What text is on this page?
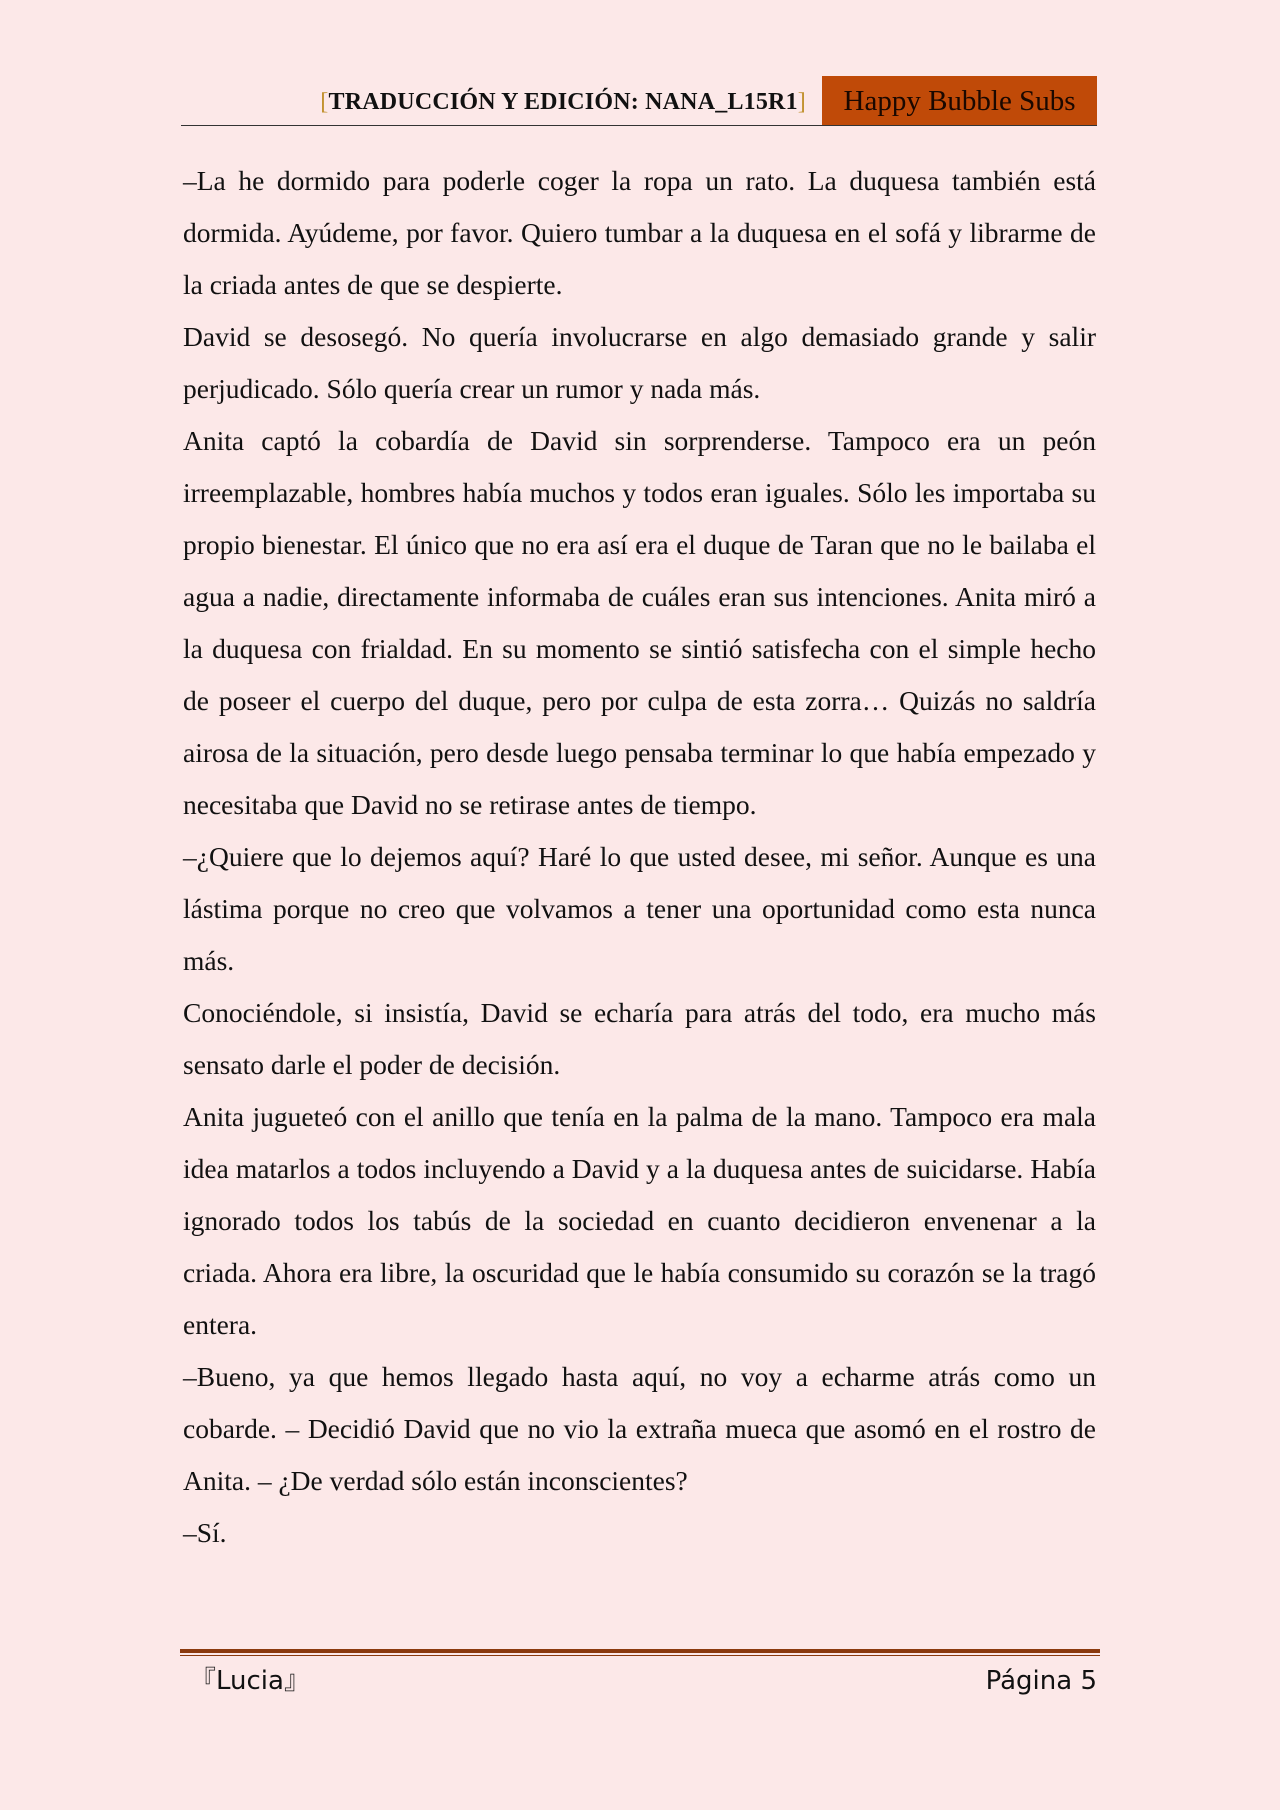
[TRADUCCIÓN Y EDICIÓN: NANA_L15R1]	Happy Bubble Subs

–La he dormido para poderle coger la ropa un rato. La duquesa también está dormida. Ayúdeme, por favor. Quiero tumbar a la duquesa en el sofá y librarme de la criada antes de que se despierte.

David se desosegó. No quería involucrarse en algo demasiado grande y salir perjudicado. Sólo quería crear un rumor y nada más.

Anita captó la cobardía de David sin sorprenderse. Tampoco era un peón irreemplazable, hombres había muchos y todos eran iguales. Sólo les importaba su propio bienestar. El único que no era así era el duque de Taran que no le bailaba el agua a nadie, directamente informaba de cuáles eran sus intenciones. Anita miró a la duquesa con frialdad. En su momento se sintió satisfecha con el simple hecho de poseer el cuerpo del duque, pero por culpa de esta zorra… Quizás no saldría airosa de la situación, pero desde luego pensaba terminar lo que había empezado y necesitaba que David no se retirase antes de tiempo.

–¿Quiere que lo dejemos aquí? Haré lo que usted desee, mi señor. Aunque es una lástima porque no creo que volvamos a tener una oportunidad como esta nunca más.

Conociéndole, si insistía, David se echaría para atrás del todo, era mucho más sensato darle el poder de decisión.

Anita jugueteó con el anillo que tenía en la palma de la mano. Tampoco era mala idea matarlos a todos incluyendo a David y a la duquesa antes de suicidarse. Había ignorado todos los tabús de la sociedad en cuanto decidieron envenenar a la criada. Ahora era libre, la oscuridad que le había consumido su corazón se la tragó entera.

–Bueno, ya que hemos llegado hasta aquí, no voy a echarme atrás como un cobarde. – Decidió David que no vio la extraña mueca que asomó en el rostro de Anita. – ¿De verdad sólo están inconscientes?

–Sí.

『Lucia』	Página 5
